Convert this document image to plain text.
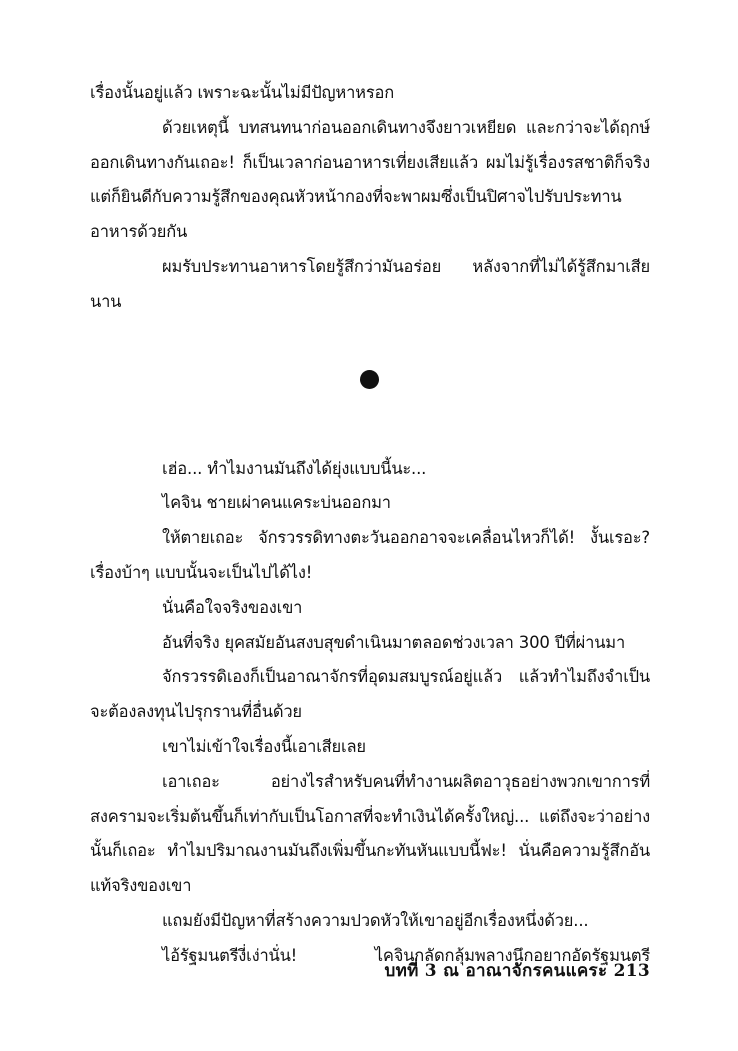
เรื่องนั้นอยู่แล้ว เพราะฉะนั้นไม่มีปัญหาหรอก

ด้วยเหตุนี้ บทสนทนาก่อนออกเดินทางจึงยาวเหยียด และกว่าจะได้ฤกษ์ออกเดินทางกันเถอะ! ก็เป็นเวลาก่อนอาหารเที่ยงเสียแล้ว ผมไม่รู้เรื่องรสชาติก็จริง แต่ก็ยินดีกับความรู้สึกของคุณหัวหน้ากองที่จะพาผมซึ่งเป็นปิศาจไปรับประทานอาหารด้วยกัน

ผมรับประทานอาหารโดยรู้สึกว่ามันอร่อย หลังจากที่ไม่ได้รู้สึกมาเสียนาน

เฮ่อ... ทำไมงานมันถึงได้ยุ่งแบบนี้นะ...

ไคจิน ชายเผ่าคนแคระบ่นออกมา

ให้ตายเถอะ จักรวรรดิทางตะวันออกอาจจะเคลื่อนไหวก็ได้! งั้นเรอะ? เรื่องบ้าๆ แบบนั้นจะเป็นไปได้ไง!

นั่นคือใจจริงของเขา

อันที่จริง ยุคสมัยอันสงบสุขดำเนินมาตลอดช่วงเวลา 300 ปีที่ผ่านมา

จักรวรรดิเองก็เป็นอาณาจักรที่อุดมสมบูรณ์อยู่แล้ว แล้วทำไมถึงจำเป็นจะต้องลงทุนไปรุกรานที่อื่นด้วย

เขาไม่เข้าใจเรื่องนี้เอาเสียเลย

เอาเถอะ อย่างไรสำหรับคนที่ทำงานผลิตอาวุธอย่างพวกเขาการที่สงครามจะเริ่มต้นขึ้นก็เท่ากับเป็นโอกาสที่จะทำเงินได้ครั้งใหญ่... แต่ถึงจะว่าอย่างนั้นก็เถอะ ทำไมปริมาณงานมันถึงเพิ่มขึ้นกะทันหันแบบนี้ฟะ! นั่นคือความรู้สึกอันแท้จริงของเขา

แถมยังมีปัญหาที่สร้างความปวดหัวให้เขาอยู่อีกเรื่องหนึ่งด้วย...

ไอ้รัฐมนตรีงี่เง่านั่น! ไคจินกลัดกลุ้มพลางนึกอยากอัดรัฐมนตรี

บทที่ 3 ณ อาณาจักรคนแคระ 213
